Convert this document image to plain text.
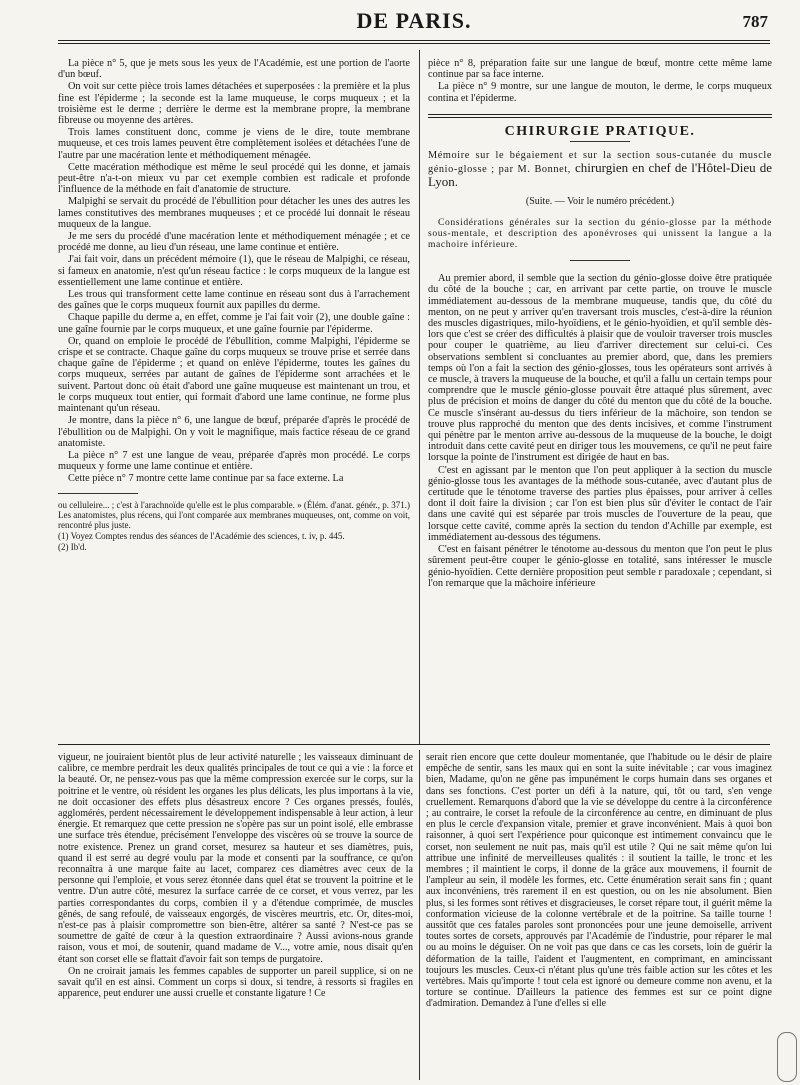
DE PARIS.	787

La pièce n° 5, que je mets sous les yeux de l'Académie, est une portion de l'aorte d'un bœuf.

On voit sur cette pièce trois lames détachées et superposées : la première et la plus fine est l'épiderme ; la seconde est la lame muqueuse, le corps muqueux ; et la troisième est le derme ; derrière le derme est la membrane propre, la membrane fibreuse ou moyenne des artères.

Trois lames constituent donc, comme je viens de le dire, toute membrane muqueuse, et ces trois lames peuvent être complètement isolées et détachées l'une de l'autre par une macération lente et méthodiquement ménagée.

Cette macération méthodique est même le seul procédé qui les donne, et jamais peut-être n'a-t-on mieux vu par cet exemple combien est radicale et profonde l'influence de la méthode en fait d'anatomie de structure.

Malpighi se servait du procédé de l'ébullition pour détacher les unes des autres les lames constitutives des membranes muqueuses ; et ce procédé lui donnait le réseau muqueux de la langue.

Je me sers du procédé d'une macération lente et méthodiquement ménagée ; et ce procédé me donne, au lieu d'un réseau, une lame continue et entière.

J'ai fait voir, dans un précédent mémoire (1), que le réseau de Malpighi, ce réseau, si fameux en anatomie, n'est qu'un réseau factice : le corps muqueux de la langue est essentiellement une lame continue et entière.

Les trous qui transforment cette lame continue en réseau sont dus à l'arrachement des gaînes que le corps muqueux fournit aux papilles du derme.

Chaque papille du derme a, en effet, comme je l'ai fait voir (2), une double gaîne : une gaîne fournie par le corps muqueux, et une gaîne fournie par l'épiderme.

Or, quand on emploie le procédé de l'ébullition, comme Malpighi, l'épiderme se crispe et se contracte. Chaque gaîne du corps muqueux se trouve prise et serrée dans chaque gaîne de l'épiderme ; et quand on enlève l'épiderme, toutes les gaînes du corps muqueux, serrées par autant de gaînes de l'épiderme sont arrachées et le suivent. Partout donc où était d'abord une gaîne muqueuse est maintenant un trou, et le corps muqueux tout entier, qui formait d'abord une lame continue, ne forme plus maintenant qu'un réseau.

Je montre, dans la pièce n° 6, une langue de bœuf, préparée d'après le procédé de l'ébullition ou de Malpighi. On y voit le magnifique, mais factice réseau de ce grand anatomiste.

La pièce n° 7 est une langue de veau, préparée d'après mon procédé. Le corps muqueux y forme une lame continue et entière.

Cette pièce n° 7 montre cette lame continue par sa face externe. La

ou celluleire... ; c'est à l'arachnoïde qu'elle est le plus comparable. » (Élém. d'anat. génér., p. 371.) Les anatomistes, plus récens, qui l'ont comparée aux membranes muqueuses, ont, comme on voit, rencontré plus juste.

(1) Voyez Comptes rendus des séances de l'Académie des sciences, t. iv, p. 445.

(2) Ib'd.

pièce n° 8, préparation faite sur une langue de bœuf, montre cette même lame continue par sa face interne.

La pièce n° 9 montre, sur une langue de mouton, le derme, le corps muqueux contina et l'épiderme.

CHIRURGIE PRATIQUE.
Mémoire sur le bégaiement et sur la section sous-cutanée du muscle génio-glosse ; par M. Bonnet, chirurgien en chef de l'Hôtel-Dieu de Lyon.
(Suite. — Voir le numéro précédent.)
Considérations générales sur la section du génio-glosse par la méthode sous-mentale, et description des aponévroses qui unissent la langue a la machoire inférieure.

Au premier abord, il semble que la section du génio-glosse doive être pratiquée du côté de la bouche ; car, en arrivant par cette partie, on trouve le muscle immédiatement au-dessous de la membrane muqueuse, tandis que, du côté du menton, on ne peut y arriver qu'en traversant trois muscles, c'est-à-dire la réunion des muscles digastriques, milo-hyoïdiens, et le génio-hyoïdien, et qu'il semble dès-lors que c'est se créer des difficultés à plaisir que de vouloir traverser trois muscles pour couper le quatrième, au lieu d'arriver directement sur celui-ci. Ces observations semblent si concluantes au premier abord, que, dans les premiers temps où l'on a fait la section des génio-glosses, tous les opérateurs sont arrivés à ce muscle, à travers la muqueuse de la bouche, et qu'il a fallu un certain temps pour comprendre que le muscle génio-glosse pouvait être attaqué plus sûrement, avec plus de précision et moins de danger du côté du menton que du côté de la bouche. Ce muscle s'insérant au-dessus du tiers inférieur de la mâchoire, son tendon se trouve plus rapproché du menton que des dents incisives, et comme l'instrument qui pénètre par le menton arrive au-dessous de la muqueuse de la bouche, le doigt introduit dans cette cavité peut en diriger tous les mouvemens, ce qu'il ne peut faire lorsque la pointe de l'instrument est dirigée de haut en bas.

C'est en agissant par le menton que l'on peut appliquer à la section du muscle génio-glosse tous les avantages de la méthode sous-cutanée, avec d'autant plus de certitude que le ténotome traverse des parties plus épaisses, pour arriver à celles dont il doit faire la division ; car l'on est bien plus sûr d'éviter le contact de l'air dans une cavité qui est séparée par trois muscles de l'ouverture de la peau, que lorsque cette cavité, comme après la section du tendon d'Achille par exemple, est immédiatement au-dessous des tégumens.

C'est en faisant pénétrer le ténotome au-dessous du menton que l'on peut le plus sûrement peut-être couper le génio-glosse en totalité, sans intéresser le muscle génio-hyoïdien. Cette dernière proposition peut semble r paradoxale ; cependant, si l'on remarque que la mâchoire inférieure

vigueur, ne jouiraient bientôt plus de leur activité naturelle ; les vaisseaux diminuant de calibre, ce membre perdrait les deux qualités principales de tout ce qui a vie : la force et la beauté. Or, ne pensez-vous pas que la même compression exercée sur le corps, sur la poitrine et le ventre, où résident les organes les plus délicats, les plus importans à la vie, ne doit occasioner des effets plus désastreux encore ? Ces organes pressés, foulés, agglomérés, perdent nécessairement le développement indispensable à leur action, à leur énergie. Et remarquez que cette pression ne s'opère pas sur un point isolé, elle embrasse une surface très étendue, précisément l'enveloppe des viscères où se trouve la source de notre existence. Prenez un grand corset, mesurez sa hauteur et ses diamètres, puis, quand il est serré au degré voulu par la mode et consenti par la souffrance, ce qu'on reconnaîtra à une marque faite au lacet, comparez ces diamètres avec ceux de la personne qui l'emploie, et vous serez étonnée dans quel état se trouvent la poitrine et le ventre. D'un autre côté, mesurez la surface carrée de ce corset, et vous verrez, par les parties correspondantes du corps, combien il y a d'étendue comprimée, de muscles gênés, de sang refoulé, de vaisseaux engorgés, de viscères meurtris, etc. Or, dites-moi, n'est-ce pas à plaisir compromettre son bien-être, altérer sa santé ? N'est-ce pas se soumettre de gaîté de cœur à la question extraordinaire ? Aussi avions-nous grande raison, vous et moi, de soutenir, quand madame de V..., votre amie, nous disait qu'en étant son corset elle se flattait d'avoir fait son temps de purgatoire.

On ne croirait jamais les femmes capables de supporter un pareil supplice, si on ne savait qu'il en est ainsi. Comment un corps si doux, si tendre, à ressorts si fragiles en apparence, peut endurer une aussi cruelle et constante ligature ! Ce

serait rien encore que cette douleur momentanée, que l'habitude ou le désir de plaire empêche de sentir, sans les maux qui en sont la suite inévitable ; car vous imaginez bien, Madame, qu'on ne gêne pas impunément le corps humain dans ses organes et dans ses fonctions. C'est porter un défi à la nature, qui, tôt ou tard, s'en venge cruellement. Remarquons d'abord que la vie se développe du centre à la circonférence ; au contraire, le corset la refoule de la circonférence au centre, en diminuant de plus en plus le cercle d'expansion vitale, premier et grave inconvénient. Mais à quoi bon raisonner, à quoi sert l'expérience pour quiconque est intimement convaincu que le corset, non seulement ne nuit pas, mais qu'il est utile ? Qui ne sait même qu'on lui attribue une infinité de merveilleuses qualités : il soutient la taille, le tronc et les membres ; il maintient le corps, il donne de la grâce aux mouvemens, il fournit de l'ampleur au sein, il modèle les formes, etc. Cette énumération serait sans fin ; quant aux inconvéniens, très rarement il en est question, ou on les nie absolument. Bien plus, si les formes sont rétives et disgracieuses, le corset répare tout, il guérit même la conformation vicieuse de la colonne vertébrale et de la poitrine. Sa taille tourne ! aussitôt que ces fatales paroles sont prononcées pour une jeune demoiselle, arrivent toutes sortes de corsets, approuvés par l'Académie de l'industrie, pour réparer le mal ou au moins le déguiser. On ne voit pas que dans ce cas les corsets, loin de guérir la déformation de la taille, l'aident et l'augmentent, en comprimant, en amincissant toujours les muscles. Ceux-ci n'étant plus qu'une très faible action sur les côtes et les vertèbres. Mais qu'importe ! tout cela est ignoré ou demeure comme non avenu, et la torture se continue. D'ailleurs la patience des femmes est sur ce point digne d'admiration. Demandez à l'une d'elles si elle
